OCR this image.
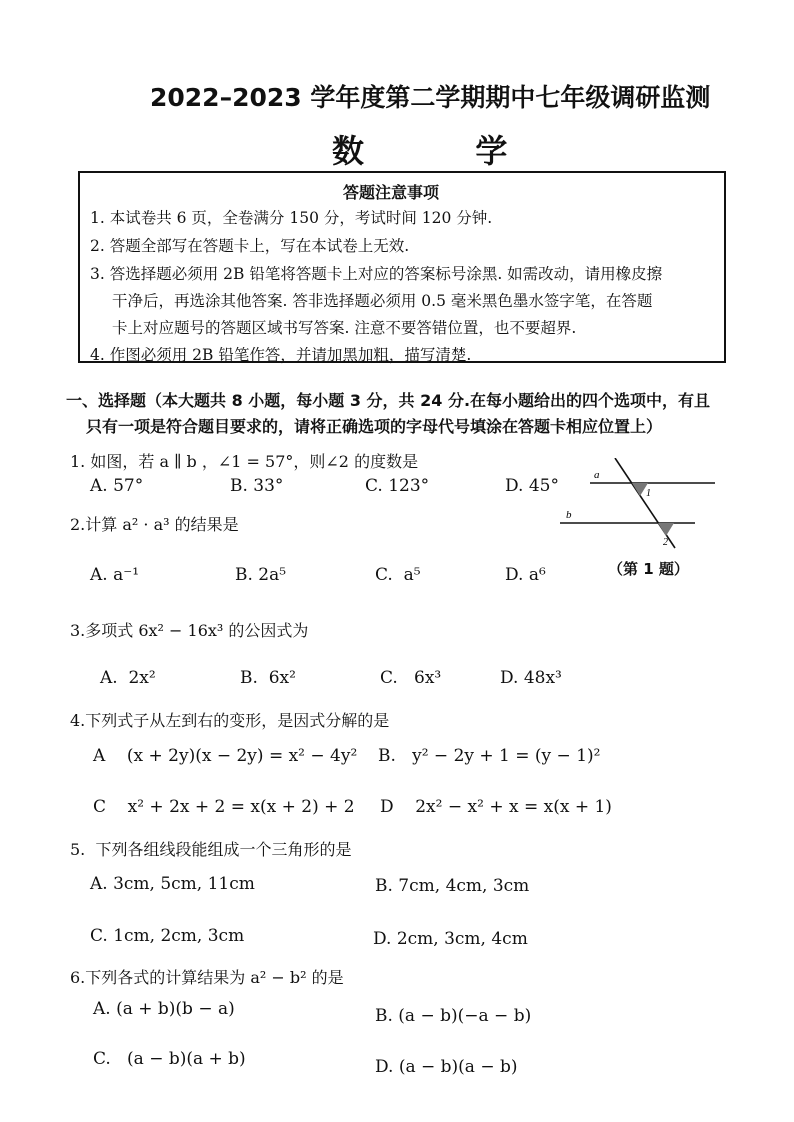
2022–2023 学年度第二学期期中七年级调研监测
数          学
答题注意事项
1. 本试卷共 6 页，全卷满分 150 分，考试时间 120 分钟.
2. 答题全部写在答题卡上，写在本试卷上无效.
3. 答选择题必须用 2B 铅笔将答题卡上对应的答案标号涂黑. 如需改动，请用橡皮擦
干净后，再选涂其他答案. 答非选择题必须用 0.5 毫米黑色墨水签字笔，在答题
卡上对应题号的答题区域书写答案. 注意不要答错位置，也不要超界.
4. 作图必须用 2B 铅笔作答，并请加黑加粗，描写清楚.
一、选择题（本大题共 8 小题，每小题 3 分，共 24 分.在每小题给出的四个选项中，有且
只有一项是符合题目要求的，请将正确选项的字母代号填涂在答题卡相应位置上）
1. 如图，若 a ∥ b ，∠1 = 57°，则∠2 的度数是
A. 57°	B. 33°	C. 123°	D. 45°
a
b
1
2
（第 1 题）
2.计算 a² · a³ 的结果是
A. a⁻¹	B. 2a⁵	C.  a⁵	D. a⁶
3.多项式 6x² − 16x³ 的公因式为
A.  2x²	B.  6x²	C.   6x³	D. 48x³
4.下列式子从左到右的变形，是因式分解的是
A    (x + 2y)(x − 2y) = x² − 4y² B.   y² − 2y + 1 = (y − 1)²
C    x² + 2x + 2 = x(x + 2) + 2 D    2x² − x² + x = x(x + 1)
5.  下列各组线段能组成一个三角形的是
A. 3cm, 5cm, 11cm	B. 7cm, 4cm, 3cm
C. 1cm, 2cm, 3cm	D. 2cm, 3cm, 4cm
6.下列各式的计算结果为 a² − b² 的是
A. (a + b)(b − a)	B. (a − b)(−a − b)
C.   (a − b)(a + b)	D. (a − b)(a − b)
